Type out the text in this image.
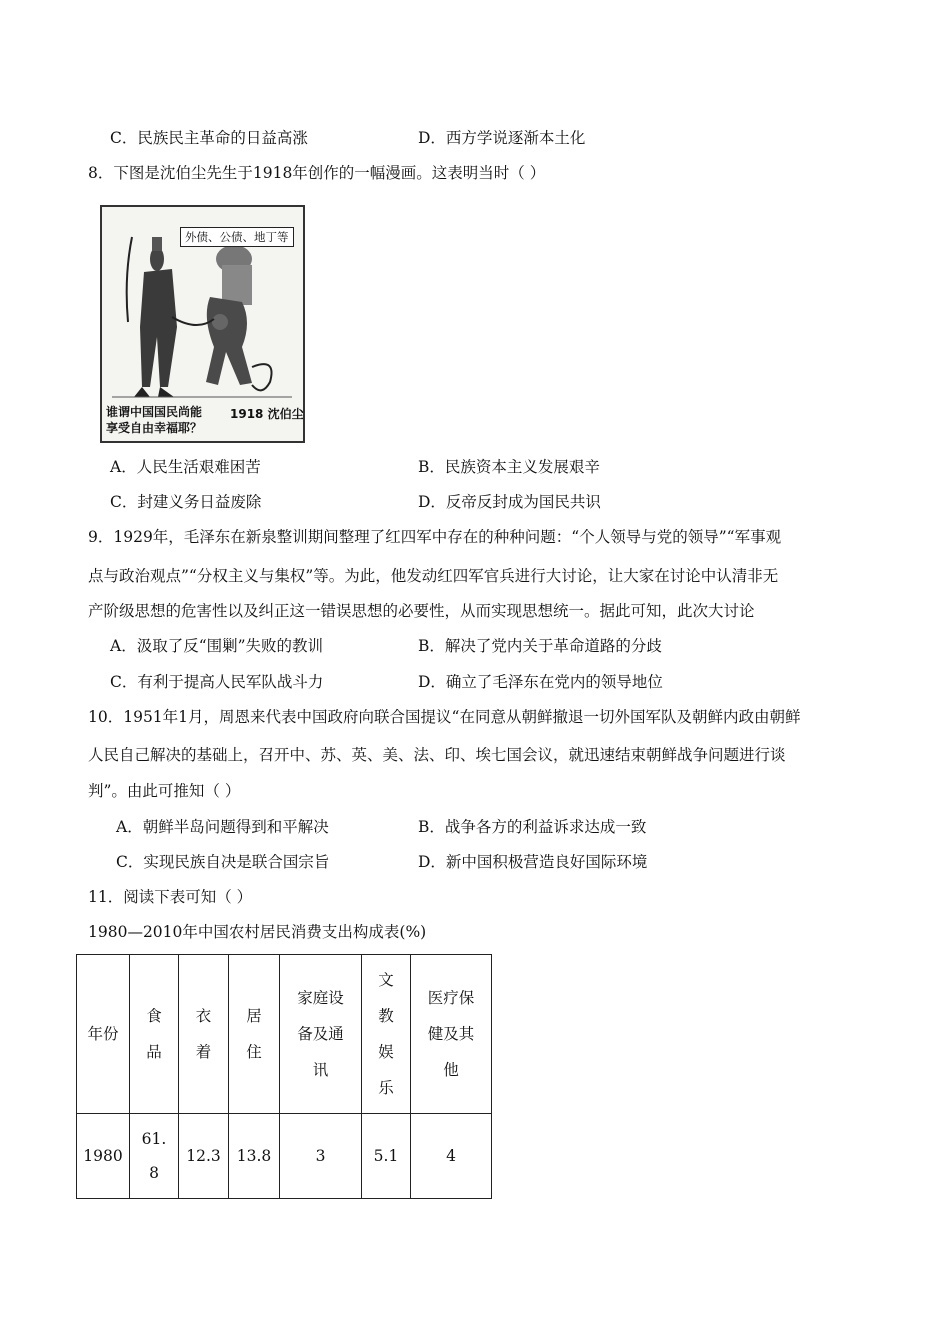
C．民族民主革命的日益高涨	D．西方学说逐渐本土化
8．下图是沈伯尘先生于1918年创作的一幅漫画。这表明当时（ ）
外债、公债、地丁等
谁谓中国国民尚能
享受自由幸福耶？
1918 沈伯尘
A．人民生活艰难困苦	B．民族资本主义发展艰辛
C．封建义务日益废除	D．反帝反封成为国民共识
9．1929年，毛泽东在新泉整训期间整理了红四军中存在的种种问题：“个人领导与党的领导”“军事观
点与政治观点”“分权主义与集权”等。为此，他发动红四军官兵进行大讨论，让大家在讨论中认清非无
产阶级思想的危害性以及纠正这一错误思想的必要性，从而实现思想统一。据此可知，此次大讨论
A．汲取了反“围剿”失败的教训	B．解决了党内关于革命道路的分歧
C．有利于提高人民军队战斗力	D．确立了毛泽东在党内的领导地位
10．1951年1月，周恩来代表中国政府向联合国提议“在同意从朝鲜撤退一切外国军队及朝鲜内政由朝鲜
人民自己解决的基础上，召开中、苏、英、美、法、印、埃七国会议，就迅速结束朝鲜战争问题进行谈
判”。由此可推知（ ）
A．朝鲜半岛问题得到和平解决	B．战争各方的利益诉求达成一致
C．实现民族自决是联合国宗旨	D．新中国积极营造良好国际环境
11．阅读下表可知（ ）
1980—2010年中国农村居民消费支出构成表(%)
年份	食品	衣着	居住	家庭设备及通讯	文教娱乐	医疗保健及其他
1980	61.8	12.3	13.8	3	5.1	4
